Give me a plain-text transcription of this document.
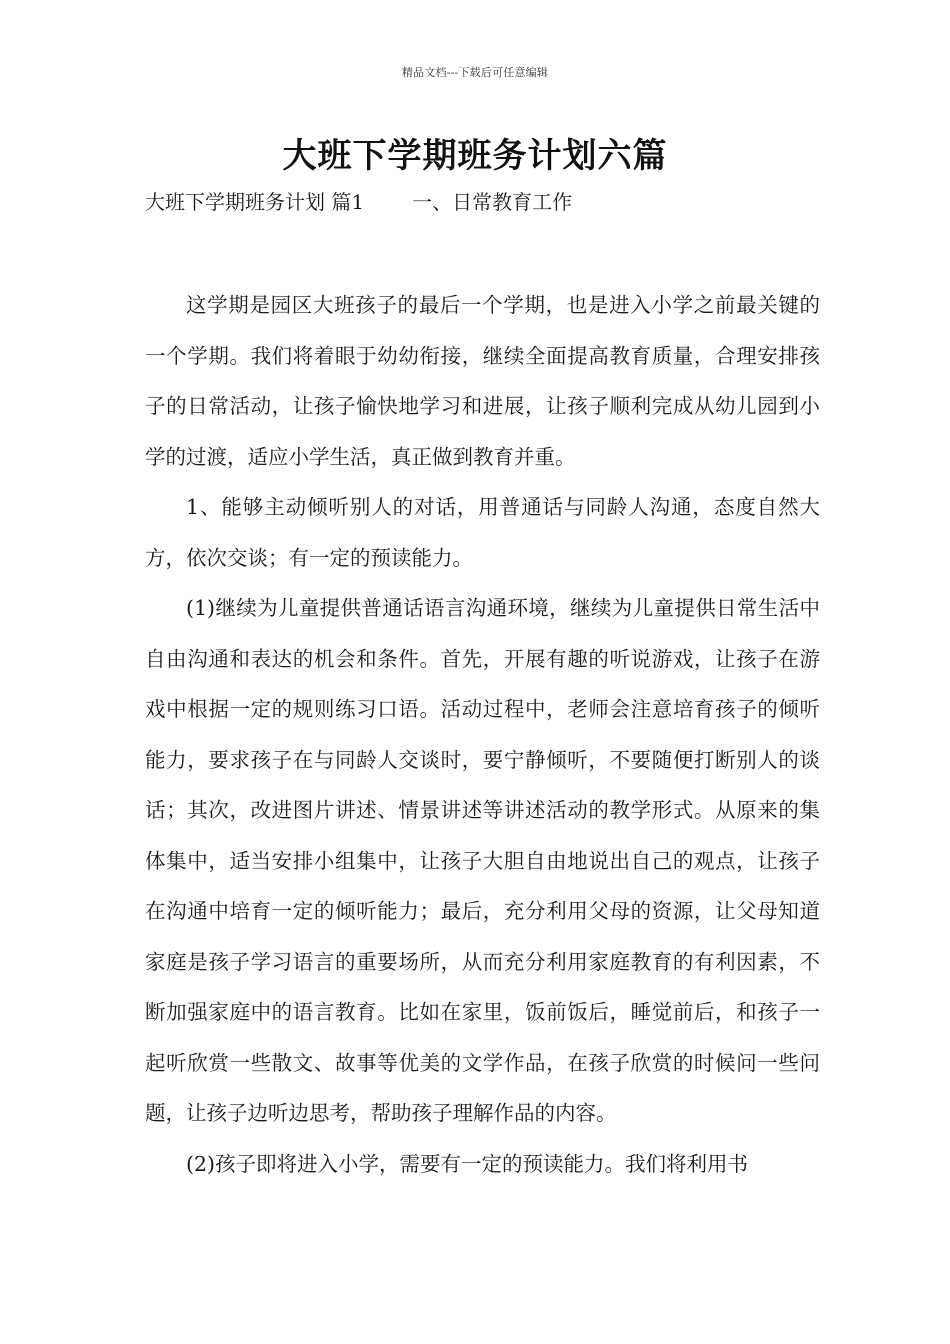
精品文档---下载后可任意编辑
大班下学期班务计划六篇
大班下学期班务计划 篇1 一、日常教育工作

这学期是园区大班孩子的最后一个学期，也是进入小学之前最关键的一个学期。我们将着眼于幼幼衔接，继续全面提高教育质量，合理安排孩子的日常活动，让孩子愉快地学习和进展，让孩子顺利完成从幼儿园到小学的过渡，适应小学生活，真正做到教育并重。

1、能够主动倾听别人的对话，用普通话与同龄人沟通，态度自然大方，依次交谈；有一定的预读能力。

(1)继续为儿童提供普通话语言沟通环境，继续为儿童提供日常生活中自由沟通和表达的机会和条件。首先，开展有趣的听说游戏，让孩子在游戏中根据一定的规则练习口语。活动过程中，老师会注意培育孩子的倾听能力，要求孩子在与同龄人交谈时，要宁静倾听，不要随便打断别人的谈话；其次，改进图片讲述、情景讲述等讲述活动的教学形式。从原来的集体集中，适当安排小组集中，让孩子大胆自由地说出自己的观点，让孩子在沟通中培育一定的倾听能力；最后，充分利用父母的资源，让父母知道家庭是孩子学习语言的重要场所，从而充分利用家庭教育的有利因素，不断加强家庭中的语言教育。比如在家里，饭前饭后，睡觉前后，和孩子一起听欣赏一些散文、故事等优美的文学作品，在孩子欣赏的时候问一些问题，让孩子边听边思考，帮助孩子理解作品的内容。

(2)孩子即将进入小学，需要有一定的预读能力。我们将利用书
